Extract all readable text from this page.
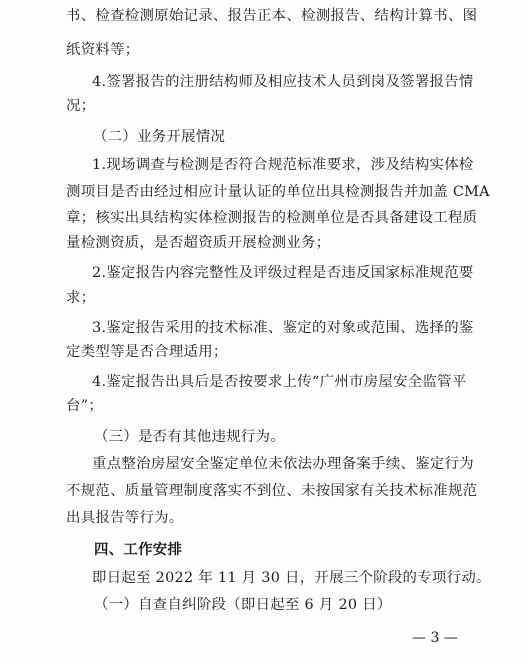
书、检查检测原始记录、报告正本、检测报告、结构计算书、图

纸资料等；

4.签署报告的注册结构师及相应技术人员到岗及签署报告情

况；

（二）业务开展情况

1.现场调查与检测是否符合规范标准要求，涉及结构实体检

测项目是否由经过相应计量认证的单位出具检测报告并加盖 CMA

章；核实出具结构实体检测报告的检测单位是否具备建设工程质

量检测资质，是否超资质开展检测业务；

2.鉴定报告内容完整性及评级过程是否违反国家标准规范要

求；

3.鉴定报告采用的技术标准、鉴定的对象或范围、选择的鉴

定类型等是否合理适用；

4.鉴定报告出具后是否按要求上传“广州市房屋安全监管平

台”；

（三）是否有其他违规行为。

重点整治房屋安全鉴定单位未依法办理备案手续、鉴定行为

不规范、质量管理制度落实不到位、未按国家有关技术标准规范

出具报告等行为。

四、工作安排

即日起至 2022 年 11 月 30 日，开展三个阶段的专项行动。

（一）自查自纠阶段（即日起至 6 月 20 日）

— 3 —
